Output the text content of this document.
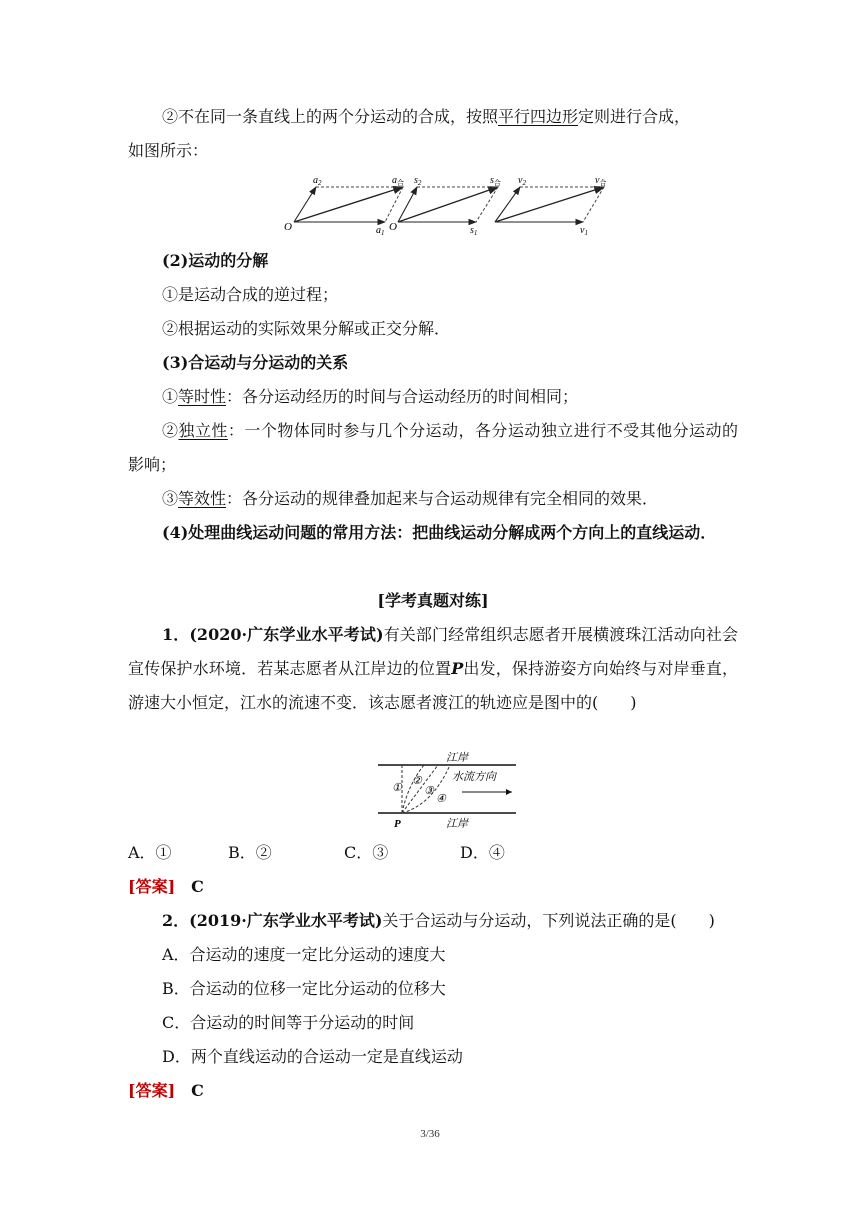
②不在同一条直线上的两个分运动的合成，按照平行四边形定则进行合成，

如图所示：

O
$a_2$	$a_合$
$a_1$ O
$s_2$	$s_合$
$s_1$
$v_2$	$v_合$
$v_1$

(2)运动的分解

①是运动合成的逆过程；

②根据运动的实际效果分解或正交分解．

(3)合运动与分运动的关系

①等时性：各分运动经历的时间与合运动经历的时间相同；

②独立性：一个物体同时参与几个分运动，各分运动独立进行不受其他分运动的影响；

③等效性：各分运动的规律叠加起来与合运动规律有完全相同的效果．

(4)处理曲线运动问题的常用方法：把曲线运动分解成两个方向上的直线运动．

[学考真题对练]

1．(2020·广东学业水平考试)有关部门经常组织志愿者开展横渡珠江活动向社会宣传保护水环境．若某志愿者从江岸边的位置P出发，保持游姿方向始终与对岸垂直，游速大小恒定，江水的流速不变．该志愿者渡江的轨迹应是图中的(　　)

江岸
江岸
水流方向
①
②
③
④
P

A．①	B．②	C．③	D．④

[答案]　 C

2．(2019·广东学业水平考试)关于合运动与分运动，下列说法正确的是(　　)

A．合运动的速度一定比分运动的速度大

B．合运动的位移一定比分运动的位移大

C．合运动的时间等于分运动的时间

D．两个直线运动的合运动一定是直线运动

[答案]　 C

3/36
